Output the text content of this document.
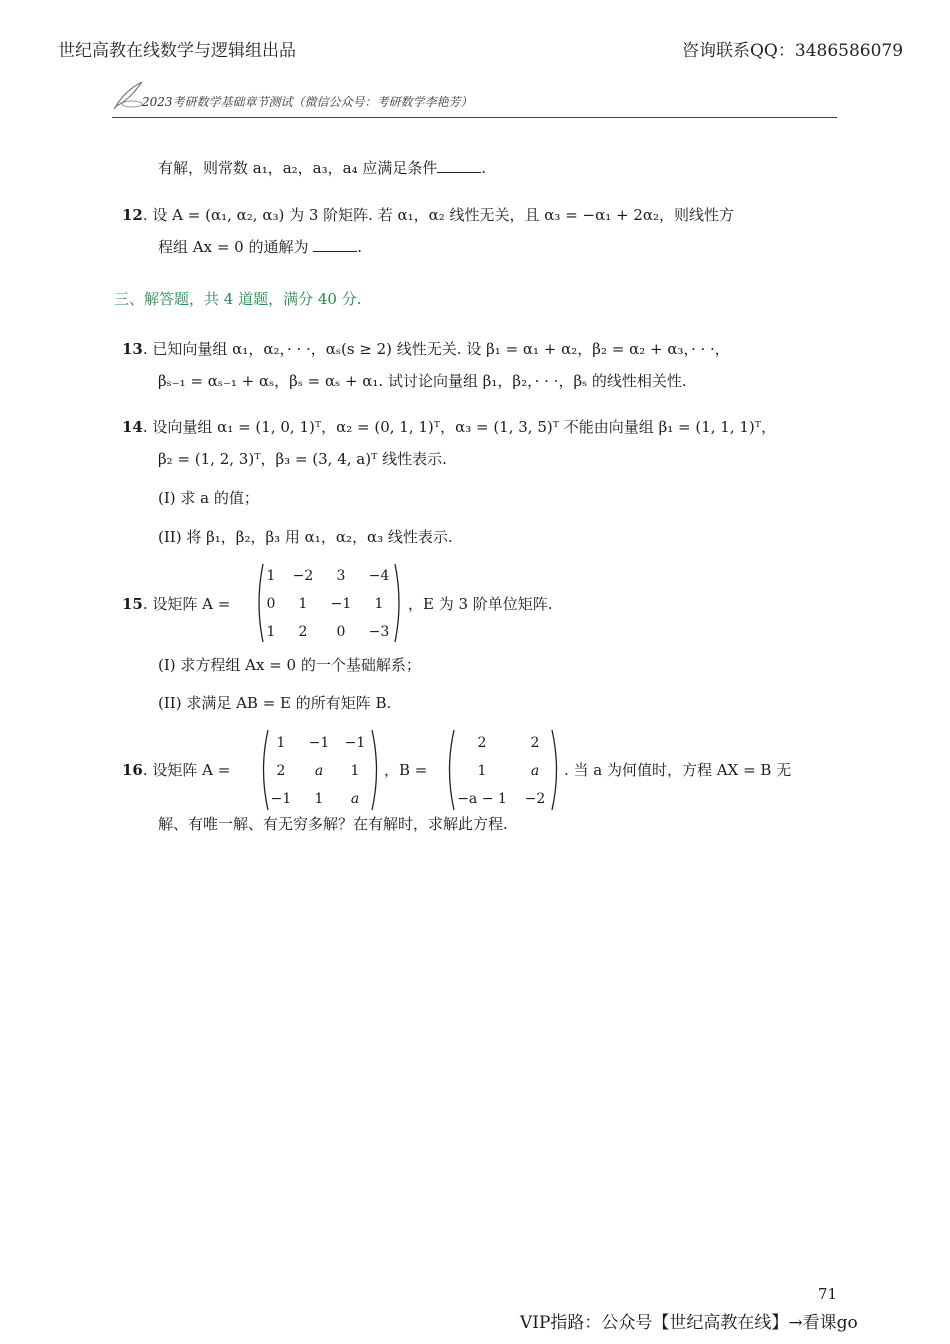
世纪高教在线数学与逻辑组出品	咨询联系QQ：3486586079
2023考研数学基础章节测试（微信公众号：考研数学李艳芳）
有解，则常数 a₁，a₂，a₃，a₄ 应满足条件	.
12. 设 A = (α₁, α₂, α₃) 为 3 阶矩阵. 若 α₁，α₂ 线性无关，且 α₃ = −α₁ + 2α₂，则线性方
程组 Ax = 0 的通解为	.
三、解答题，共 4 道题，满分 40 分.
13. 已知向量组 α₁，α₂，· · ·，αₛ(s ≥ 2) 线性无关. 设 β₁ = α₁ + α₂，β₂ = α₂ + α₃，· · ·，
βₛ₋₁ = αₛ₋₁ + αₛ，βₛ = αₛ + α₁. 试讨论向量组 β₁，β₂，· · ·，βₛ 的线性相关性.
14. 设向量组 α₁ = (1, 0, 1)ᵀ，α₂ = (0, 1, 1)ᵀ，α₃ = (1, 3, 5)ᵀ 不能由向量组 β₁ = (1, 1, 1)ᵀ，
β₂ = (1, 2, 3)ᵀ，β₃ = (3, 4, a)ᵀ 线性表示.
(I) 求 a 的值；
(II) 将 β₁，β₂，β₃ 用 α₁，α₂，α₃ 线性表示.
15. 设矩阵 A =
1	−2	3	−4
0	1	−1	1
1	2	0	−3
，E 为 3 阶单位矩阵.
(I) 求方程组 Ax = 0 的一个基础解系；
(II) 求满足 AB = E 的所有矩阵 B.
16. 设矩阵 A =
1	−1	−1
2	a	1
−1	1	a
，B =
2	2
1	a
−a − 1	−2
. 当 a 为何值时，方程 AX = B 无
解、有唯一解、有无穷多解？在有解时，求解此方程.
71
VIP指路：公众号【世纪高教在线】→看课go
